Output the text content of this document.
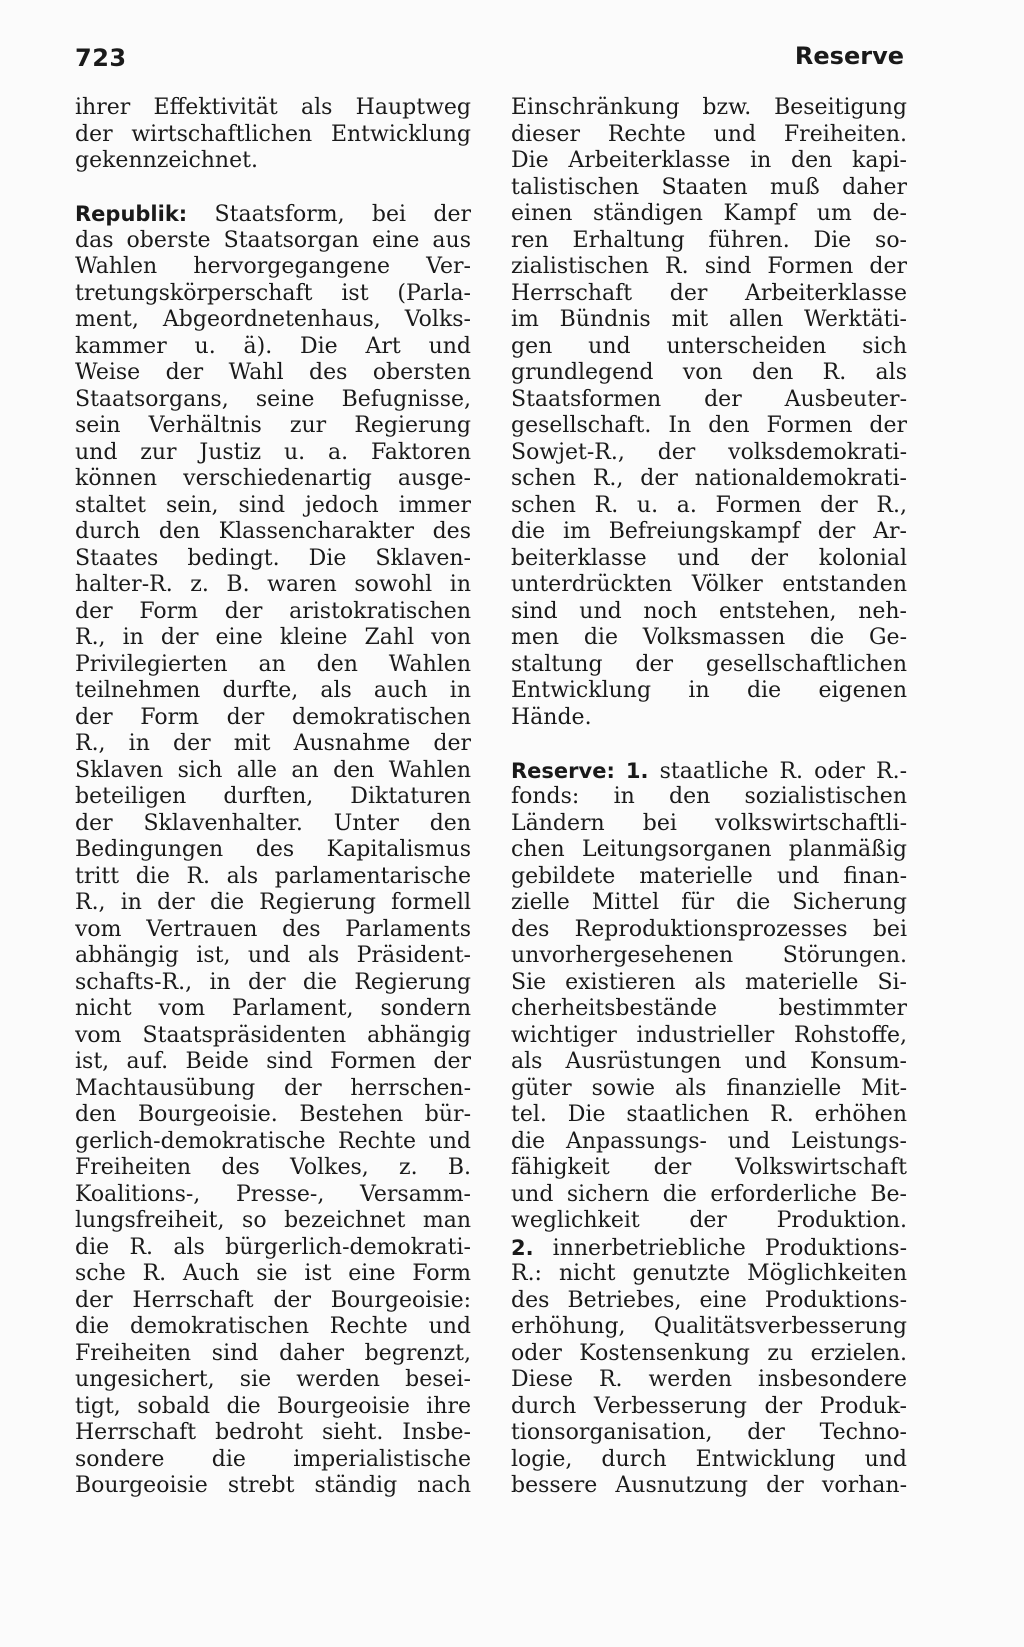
723	Reserve
ihrer Effektivität als Hauptweg
der wirtschaftlichen Entwicklung
gekennzeichnet.
Republik: Staatsform, bei der
das oberste Staatsorgan eine aus
Wahlen hervorgegangene Ver-
tretungskörperschaft ist (Parla-
ment, Abgeordnetenhaus, Volks-
kammer u. ä). Die Art und
Weise der Wahl des obersten
Staatsorgans, seine Befugnisse,
sein Verhältnis zur Regierung
und zur Justiz u. a. Faktoren
können verschiedenartig ausge-
staltet sein, sind jedoch immer
durch den Klassencharakter des
Staates bedingt. Die Sklaven-
halter-R. z. B. waren sowohl in
der Form der aristokratischen
R., in der eine kleine Zahl von
Privilegierten an den Wahlen
teilnehmen durfte, als auch in
der Form der demokratischen
R., in der mit Ausnahme der
Sklaven sich alle an den Wahlen
beteiligen durften, Diktaturen
der Sklavenhalter. Unter den
Bedingungen des Kapitalismus
tritt die R. als parlamentarische
R., in der die Regierung formell
vom Vertrauen des Parlaments
abhängig ist, und als Präsident-
schafts-R., in der die Regierung
nicht vom Parlament, sondern
vom Staatspräsidenten abhängig
ist, auf. Beide sind Formen der
Machtausübung der herrschen-
den Bourgeoisie. Bestehen bür-
gerlich-demokratische Rechte und
Freiheiten des Volkes, z. B.
Koalitions-, Presse-, Versamm-
lungsfreiheit, so bezeichnet man
die R. als bürgerlich-demokrati-
sche R. Auch sie ist eine Form
der Herrschaft der Bourgeoisie:
die demokratischen Rechte und
Freiheiten sind daher begrenzt,
ungesichert, sie werden besei-
tigt, sobald die Bourgeoisie ihre
Herrschaft bedroht sieht. Insbe-
sondere die imperialistische
Bourgeoisie strebt ständig nach
Einschränkung bzw. Beseitigung
dieser Rechte und Freiheiten.
Die Arbeiterklasse in den kapi-
talistischen Staaten muß daher
einen ständigen Kampf um de-
ren Erhaltung führen. Die so-
zialistischen R. sind Formen der
Herrschaft der Arbeiterklasse
im Bündnis mit allen Werktäti-
gen und unterscheiden sich
grundlegend von den R. als
Staatsformen der Ausbeuter-
gesellschaft. In den Formen der
Sowjet-R., der volksdemokrati-
schen R., der nationaldemokrati-
schen R. u. a. Formen der R.,
die im Befreiungskampf der Ar-
beiterklasse und der kolonial
unterdrückten Völker entstanden
sind und noch entstehen, neh-
men die Volksmassen die Ge-
staltung der gesellschaftlichen
Entwicklung in die eigenen
Hände.
Reserve: 1. staatliche R. oder R.-
fonds: in den sozialistischen
Ländern bei volkswirtschaftli-
chen Leitungsorganen planmäßig
gebildete materielle und finan-
zielle Mittel für die Sicherung
des Reproduktionsprozesses bei
unvorhergesehenen Störungen.
Sie existieren als materielle Si-
cherheitsbestände bestimmter
wichtiger industrieller Rohstoffe,
als Ausrüstungen und Konsum-
güter sowie als finanzielle Mit-
tel. Die staatlichen R. erhöhen
die Anpassungs- und Leistungs-
fähigkeit der Volkswirtschaft
und sichern die erforderliche Be-
weglichkeit der Produktion.
2. innerbetriebliche Produktions-
R.: nicht genutzte Möglichkeiten
des Betriebes, eine Produktions-
erhöhung, Qualitätsverbesserung
oder Kostensenkung zu erzielen.
Diese R. werden insbesondere
durch Verbesserung der Produk-
tionsorganisation, der Techno-
logie, durch Entwicklung und
bessere Ausnutzung der vorhan-
